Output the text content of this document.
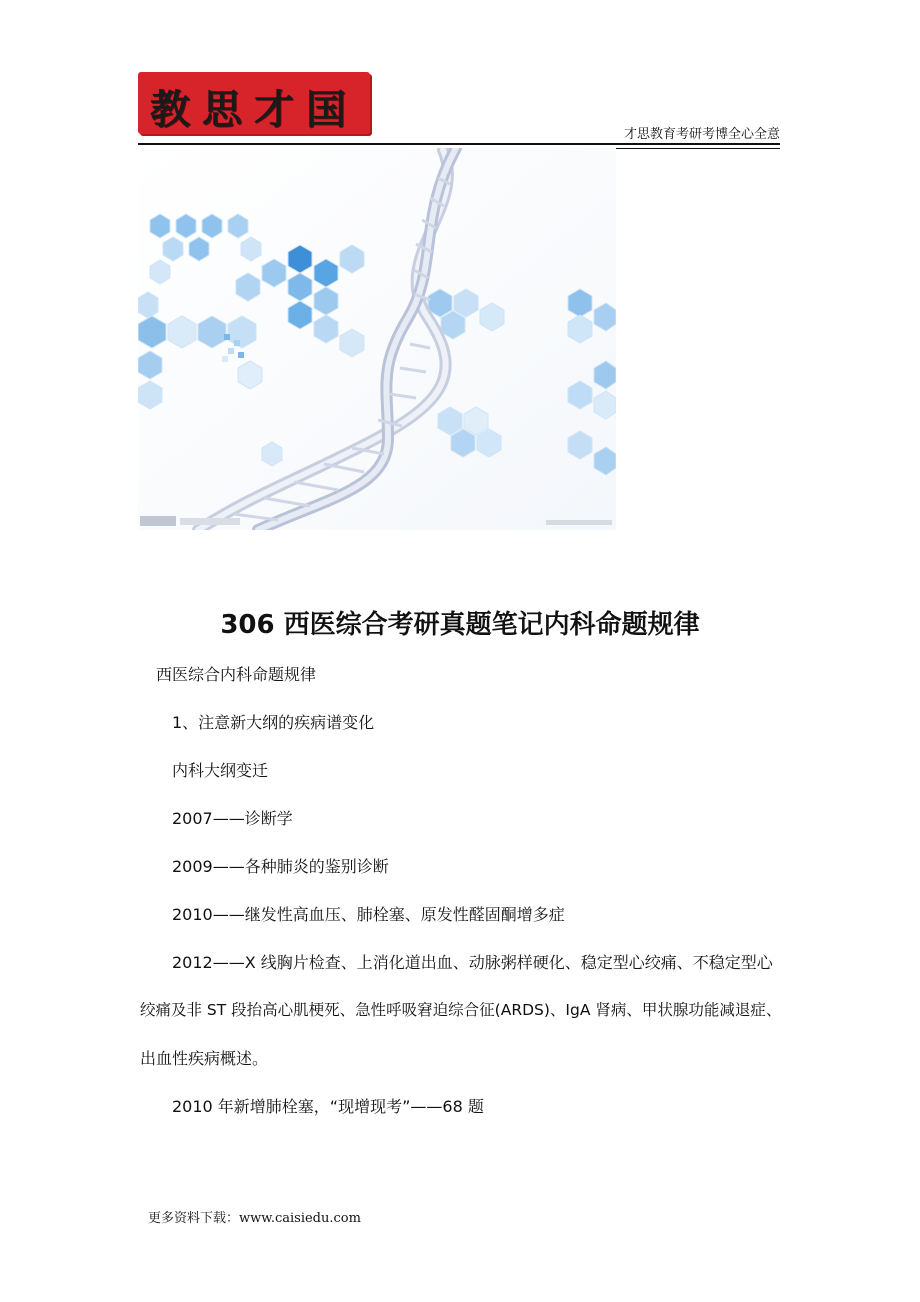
教思才国
才思教育考研考博全心全意
306 西医综合考研真题笔记内科命题规律
西医综合内科命题规律
1、注意新大纲的疾病谱变化
内科大纲变迁
2007——诊断学
2009——各种肺炎的鉴别诊断
2010——继发性高血压、肺栓塞、原发性醛固酮增多症
2012——X 线胸片检查、上消化道出血、动脉粥样硬化、稳定型心绞痛、不稳定型心
绞痛及非 ST 段抬高心肌梗死、急性呼吸窘迫综合征(ARDS)、IgA 肾病、甲状腺功能减退症、
出血性疾病概述。
2010 年新增肺栓塞，“现增现考”——68 题
更多资料下载：www.caisiedu.com
